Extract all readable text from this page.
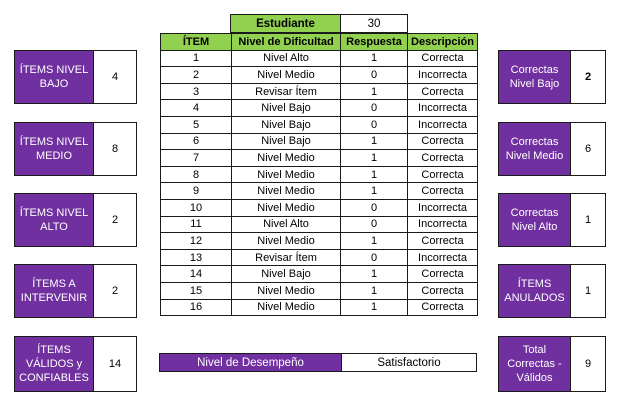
Estudiante	30
ÍTEM	Nivel de Dificultad	Respuesta	Descripción
1	Nivel Alto	1	Correcta
2	Nivel Medio	0	Incorrecta
3	Revisar Ítem	1	Correcta
4	Nivel Bajo	0	Incorrecta
5	Nivel Bajo	0	Incorrecta
6	Nivel Bajo	1	Correcta
7	Nivel Medio	1	Correcta
8	Nivel Medio	1	Correcta
9	Nivel Medio	1	Correcta
10	Nivel Medio	0	Incorrecta
11	Nivel Alto	0	Incorrecta
12	Nivel Medio	1	Correcta
13	Revisar Ítem	0	Incorrecta
14	Nivel Bajo	1	Correcta
15	Nivel Medio	1	Correcta
16	Nivel Medio	1	Correcta
ÍTEMS NIVEL BAJO
4
ÍTEMS NIVEL MEDIO
8
ÍTEMS NIVEL ALTO
2
ÍTEMS A INTERVENIR
2
ÍTEMS VÁLIDOS y CONFIABLES
14
Correctas Nivel Bajo
2
Correctas Nivel Medio
6
Correctas Nivel Alto
1
ÍTEMS ANULADOS
1
Total Correctas - Válidos
9
Nivel de Desempeño	Satisfactorio
